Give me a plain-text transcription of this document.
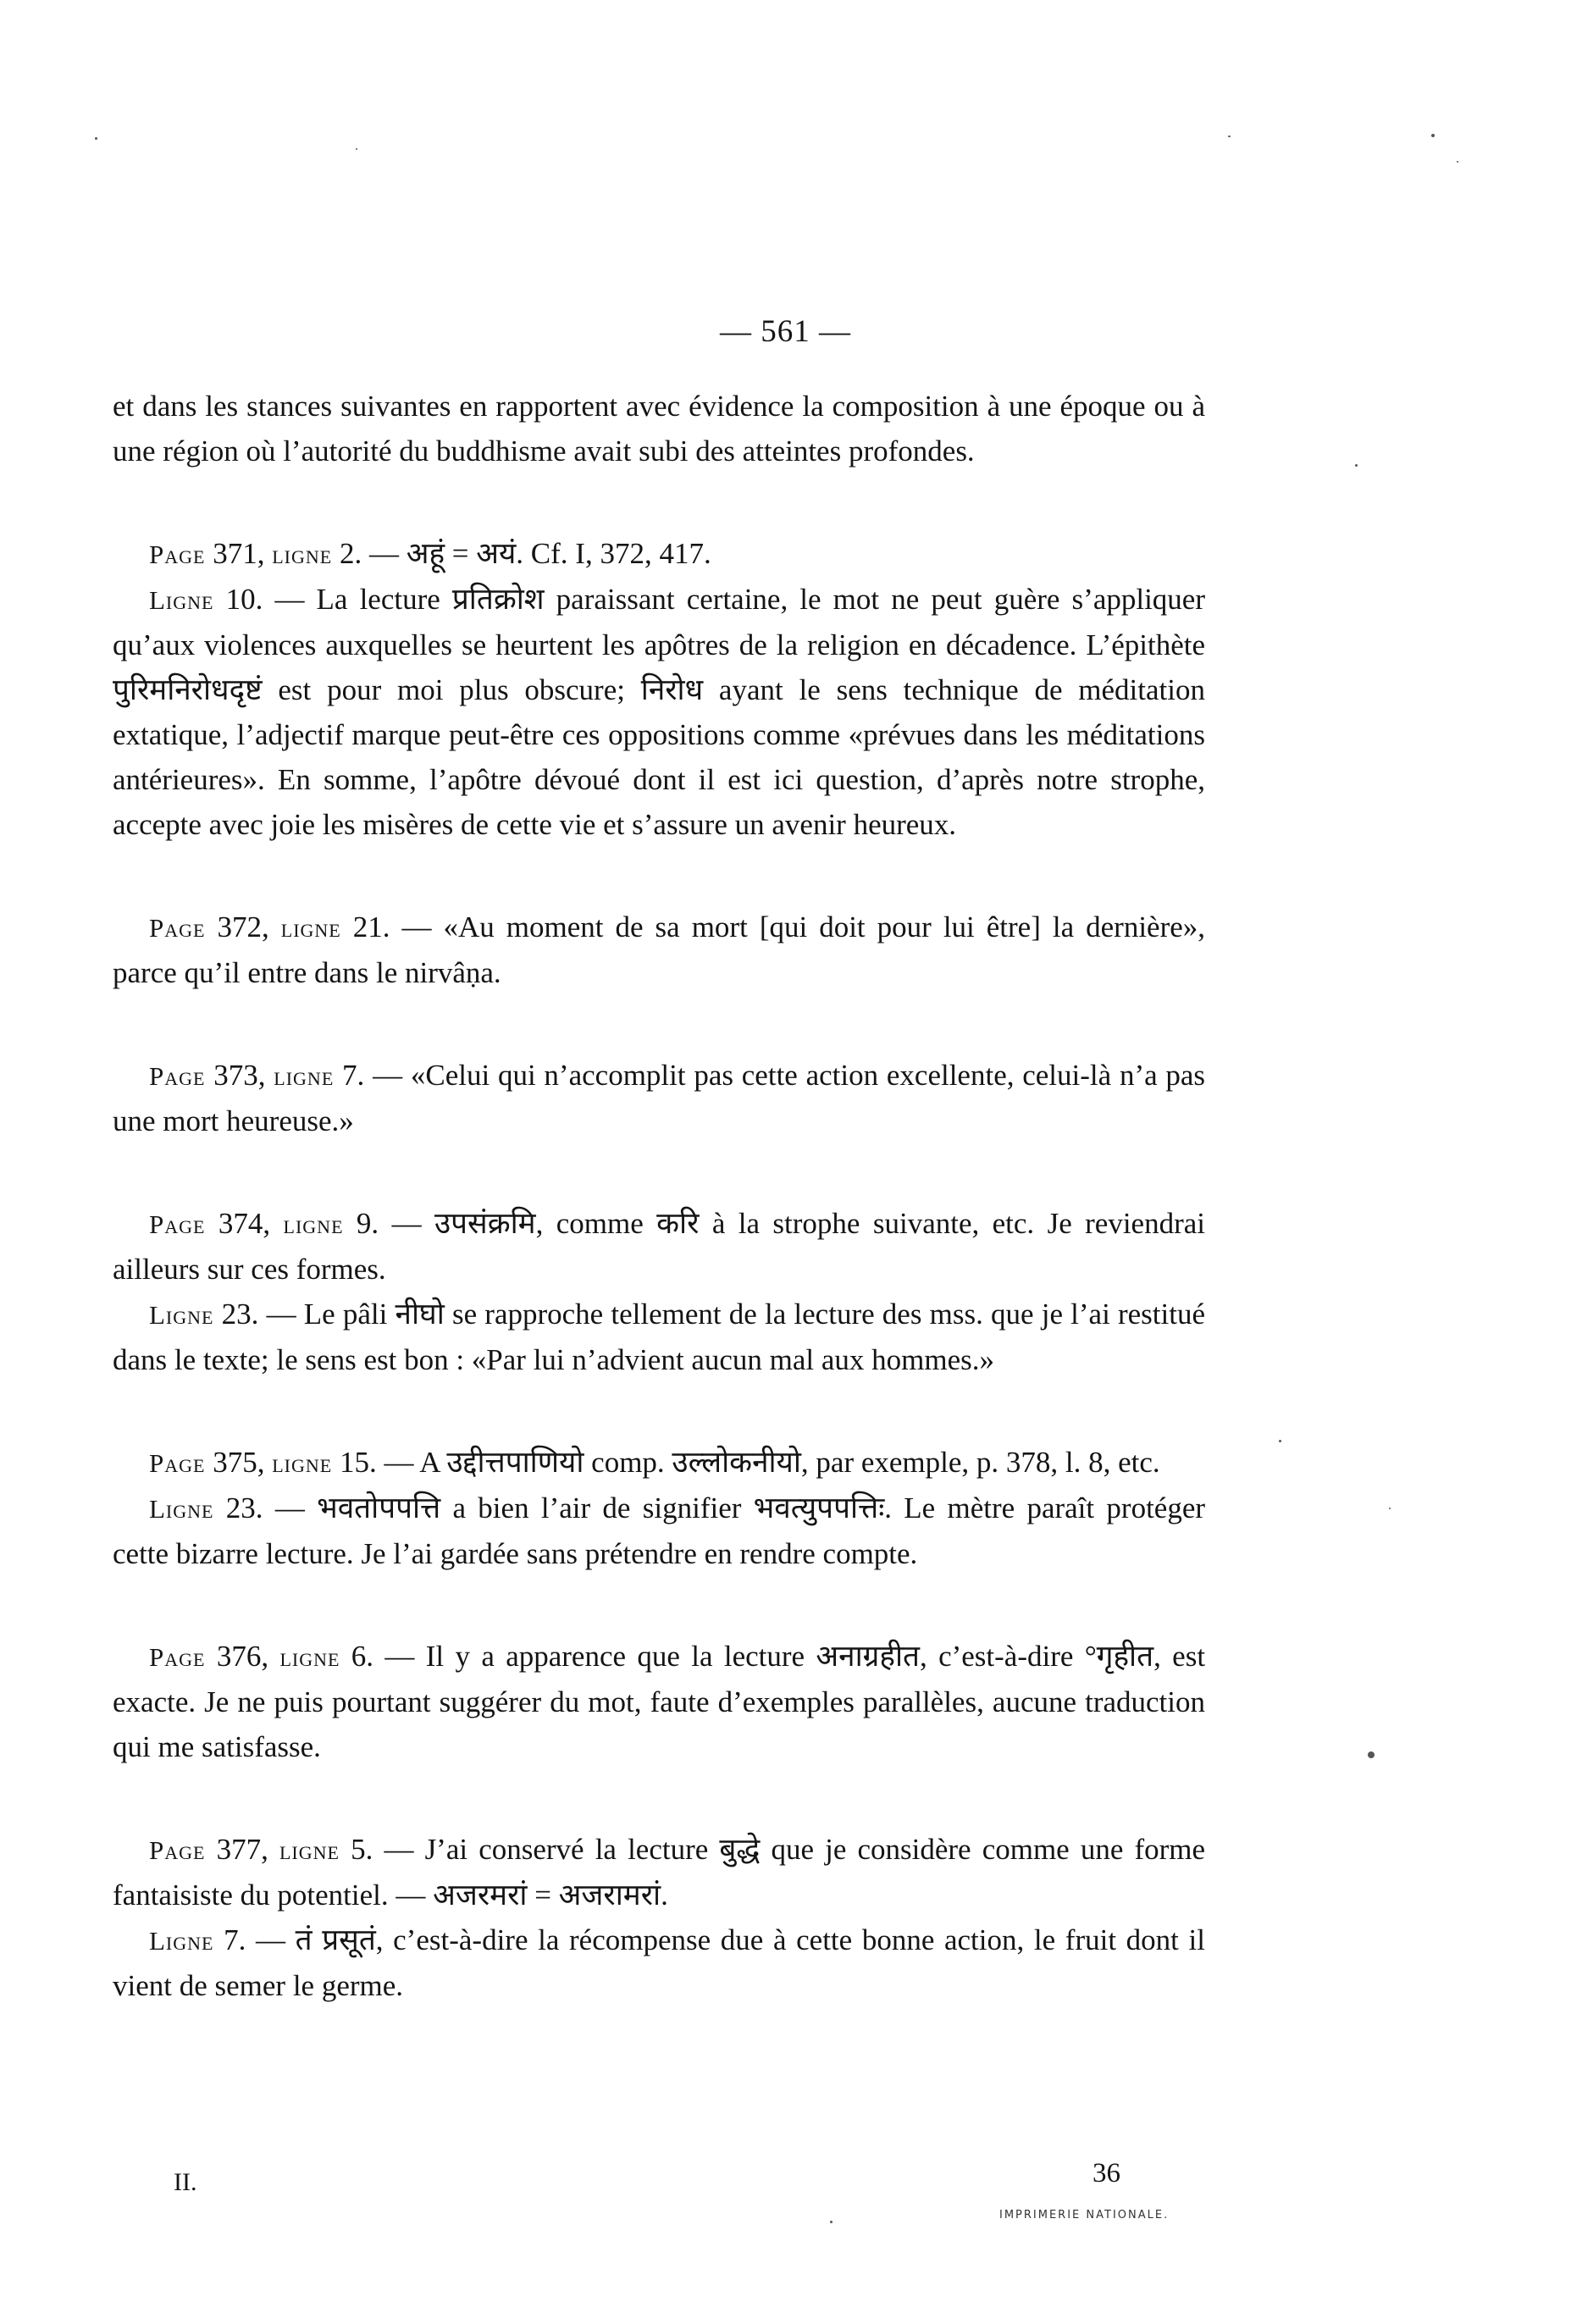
— 561 —

et dans les stances suivantes en rapportent avec évidence la composition à une époque ou à une région où l’autorité du buddhisme avait subi des atteintes profondes.

Page 371, ligne 2. — अहूं = अयं. Cf. I, 372, 417.

Ligne 10. — La lecture प्रतिक्रोश paraissant certaine, le mot ne peut guère s’appliquer qu’aux violences auxquelles se heurtent les apôtres de la religion en décadence. L’épithète पुरिमनिरोधदृष्टं est pour moi plus obscure; निरोध ayant le sens technique de méditation extatique, l’adjectif marque peut-être ces oppositions comme «prévues dans les méditations antérieures». En somme, l’apôtre dévoué dont il est ici question, d’après notre strophe, accepte avec joie les misères de cette vie et s’assure un avenir heureux.

Page 372, ligne 21. — «Au moment de sa mort [qui doit pour lui être] la dernière», parce qu’il entre dans le nirvâṇa.

Page 373, ligne 7. — «Celui qui n’accomplit pas cette action excellente, celui-là n’a pas une mort heureuse.»

Page 374, ligne 9. — उपसंक्रमि, comme करि à la strophe suivante, etc. Je reviendrai ailleurs sur ces formes.

Ligne 23. — Le pâli नीघो se rapproche tellement de la lecture des mss. que je l’ai restitué dans le texte; le sens est bon : «Par lui n’advient aucun mal aux hommes.»

Page 375, ligne 15. — A उद्दीत्तपाणियो comp. उल्लोकनीयो, par exemple, p. 378, l. 8, etc.

Ligne 23. — भवतोपपत्ति a bien l’air de signifier भवत्युपपत्तिः. Le mètre paraît protéger cette bizarre lecture. Je l’ai gardée sans prétendre en rendre compte.

Page 376, ligne 6. — Il y a apparence que la lecture अनाग्रहीत, c’est-à-dire °गृहीत, est exacte. Je ne puis pourtant suggérer du mot, faute d’exemples parallèles, aucune traduction qui me satisfasse.

Page 377, ligne 5. — J’ai conservé la lecture बुद्धे que je considère comme une forme fantaisiste du potentiel. — अजरमरां = अजरामरां.

Ligne 7. — तं प्रसूतं, c’est-à-dire la récompense due à cette bonne action, le fruit dont il vient de semer le germe.

II.	36
IMPRIMERIE NATIONALE.
